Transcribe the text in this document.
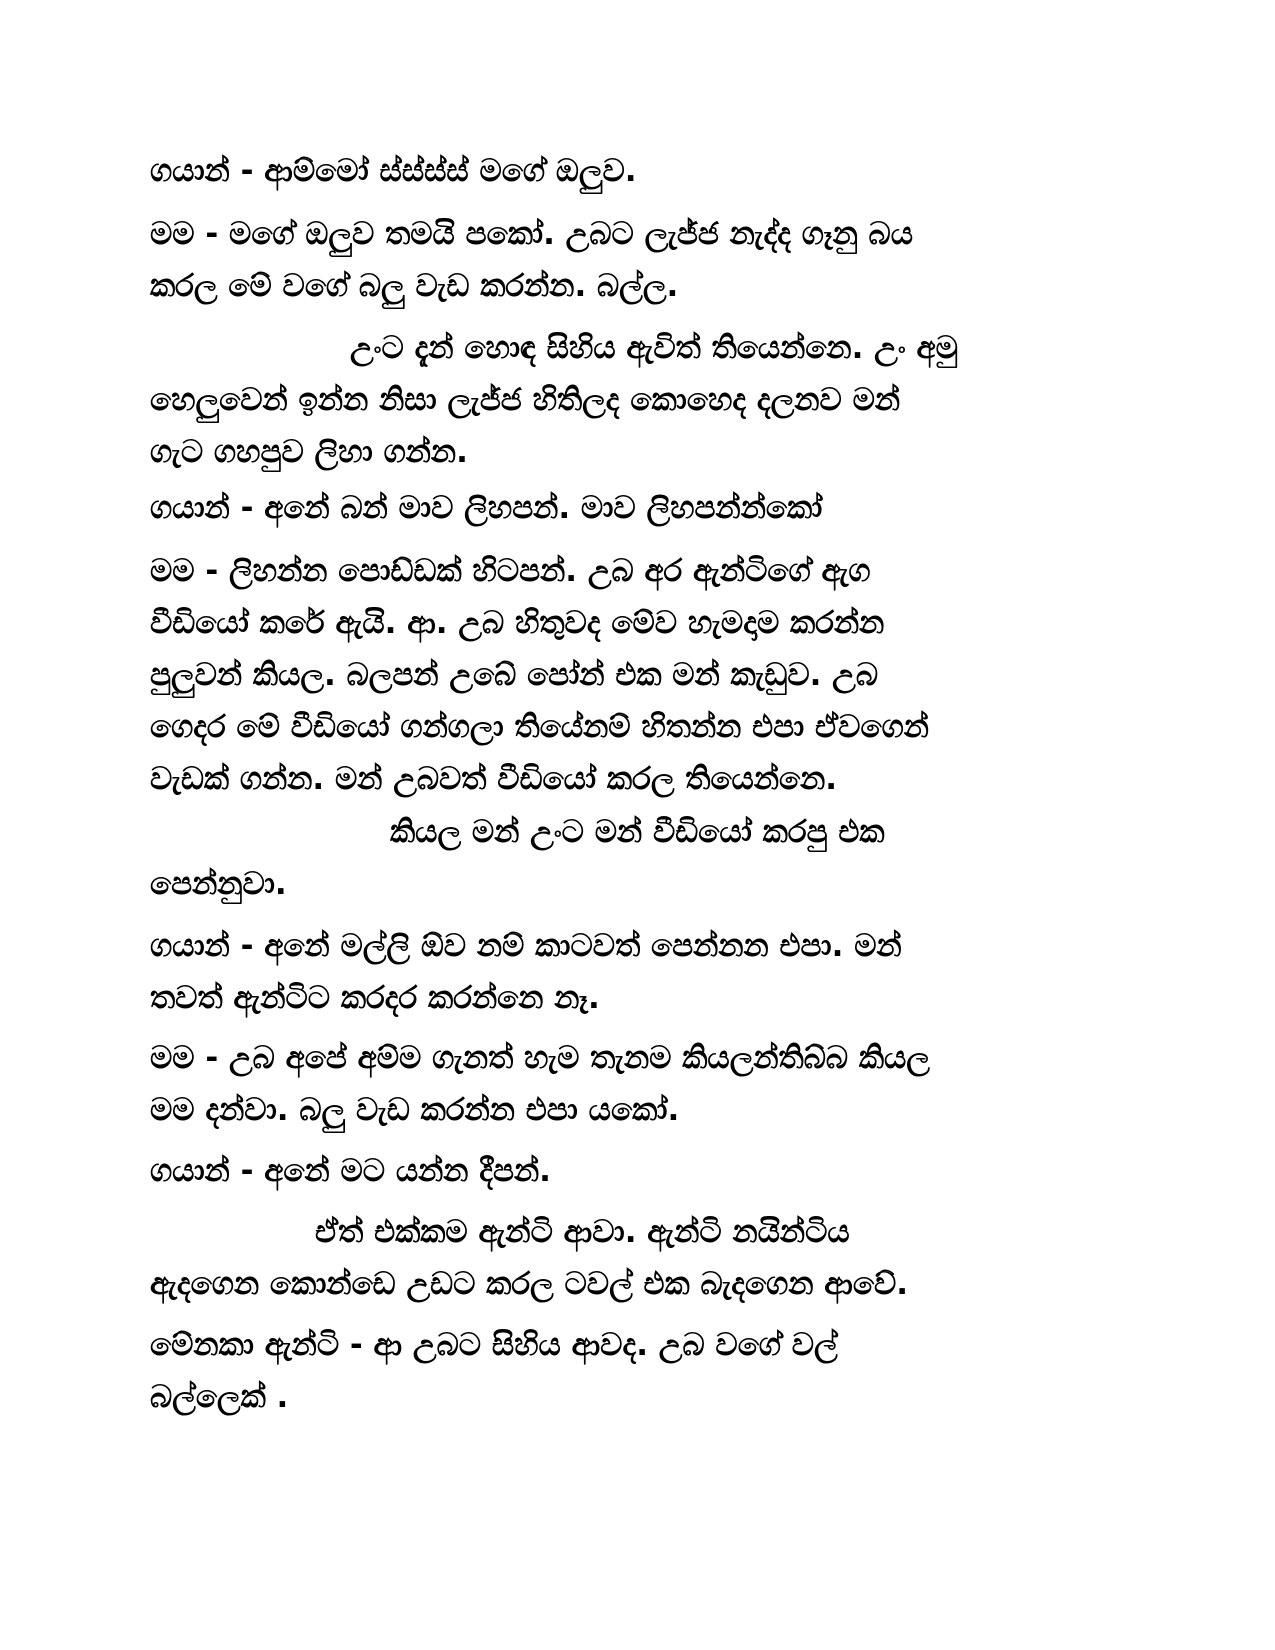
ගයාන් - ආම්මෝ ස්ස්ස්ස් මගේ ඔලුව.
මම - මගේ ඔලුව තමයි පකෝ. උබට ලැජ්ජ නැද්ද ගෑනු බය
කරල මේ වගේ බලු වැඩ කරන්න. බල්ල.
උංට දැන් හොඳ සිහිය ඇවිත් තියෙන්නෙ. උං අමු
හෙලුවෙන් ඉන්න නිසා ලැජ්ජ හිතිලද කොහෙද දලනව මන්
ගැට ගහපුව ලිහා ගන්න.
ගයාන් - අනේ බන් මාව ලිහපන්. මාව ලිහපන්න්කෝ
මම - ලිහන්න පොඩ්ඩක් හිටපන්. උබ අර ඇන්ටිගේ ඇග
වීඩියෝ කරේ ඇයි. ආ. උබ හිතුවද මේව හැමදාම කරන්න
පුලුවන් කියල. බලපන් උබේ පෝන් එක මන් කැඩුව. උබ
ගෙදර මේ වීඩියෝ ගන්ගලා තියේනම් හිතන්න එපා ඒවගෙන්
වැඩක් ගන්න. මන් උබවත් වීඩියෝ කරල තියෙන්නෙ.
කියල මන් උංට මන් වීඩියෝ කරපු එක
පෙන්නුවා.
ගයාන් - අනේ මල්ලි ඕව නම් කාටවත් පෙන්නන එපා. මන්
තවත් ඇන්ටිට කරදර කරන්නෙ නෑ.
මම - උබ අපේ අම්ම ගැනත් හැම තැනම කියලන්තිබ්බ කියල
මම දන්වා. බලු වැඩ කරන්න එපා යකෝ.
ගයාන් - අනේ මට යන්න දීපන්.
ඒත් එක්කම ඇන්ටි ආවා. ඇන්ටි නයින්ටිය
ඇදගෙන කොන්ඩෙ උඩට කරල ටවල් එක බැදගෙන ආවේ.
මේනකා ඇන්ටි - ආ උබට සිහිය ආවද. උබ වගේ වල්
බල්ලෙක් .
